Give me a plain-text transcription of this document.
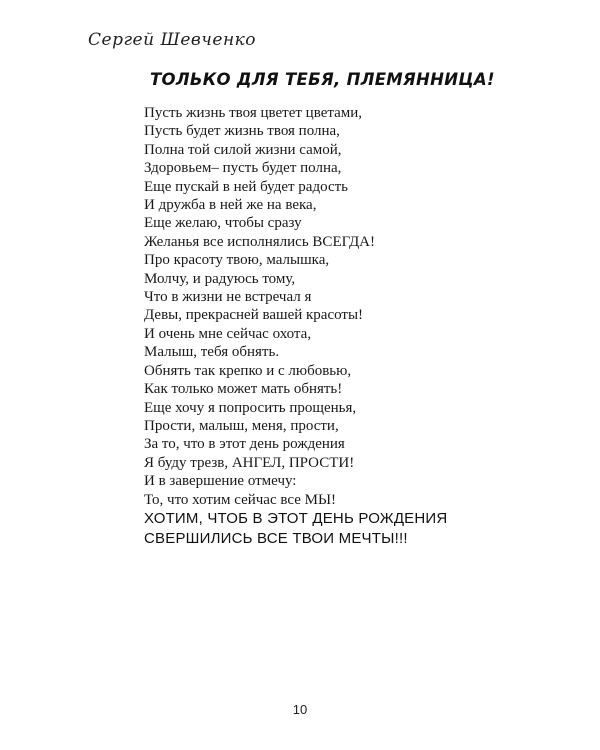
Сергей Шевченко
ТОЛЬКО ДЛЯ ТЕБЯ, ПЛЕМЯННИЦА!
Пусть жизнь твоя цветет цветами,
Пусть будет жизнь твоя полна,
Полна той силой жизни самой,
Здоровьем– пусть будет полна,
Еще пускай в ней будет радость
И дружба в ней же на века,
Еще желаю, чтобы сразу
Желанья все исполнялись ВСЕГДА!
Про красоту твою, малышка,
Молчу, и радуюсь тому,
Что в жизни не встречал я
Девы, прекрасней вашей красоты!
И очень мне сейчас охота,
Малыш, тебя обнять.
Обнять так крепко и с любовью,
Как только может мать обнять!
Еще хочу я попросить прощенья,
Прости, малыш, меня, прости,
За то, что в этот день рождения
Я буду трезв, АНГЕЛ, ПРОСТИ!
И в завершение отмечу:
То, что хотим сейчас все МЫ!
ХОТИМ, ЧТОБ В ЭТОТ ДЕНЬ РОЖДЕНИЯ
СВЕРШИЛИСЬ ВСЕ ТВОИ МЕЧТЫ!!!
10
